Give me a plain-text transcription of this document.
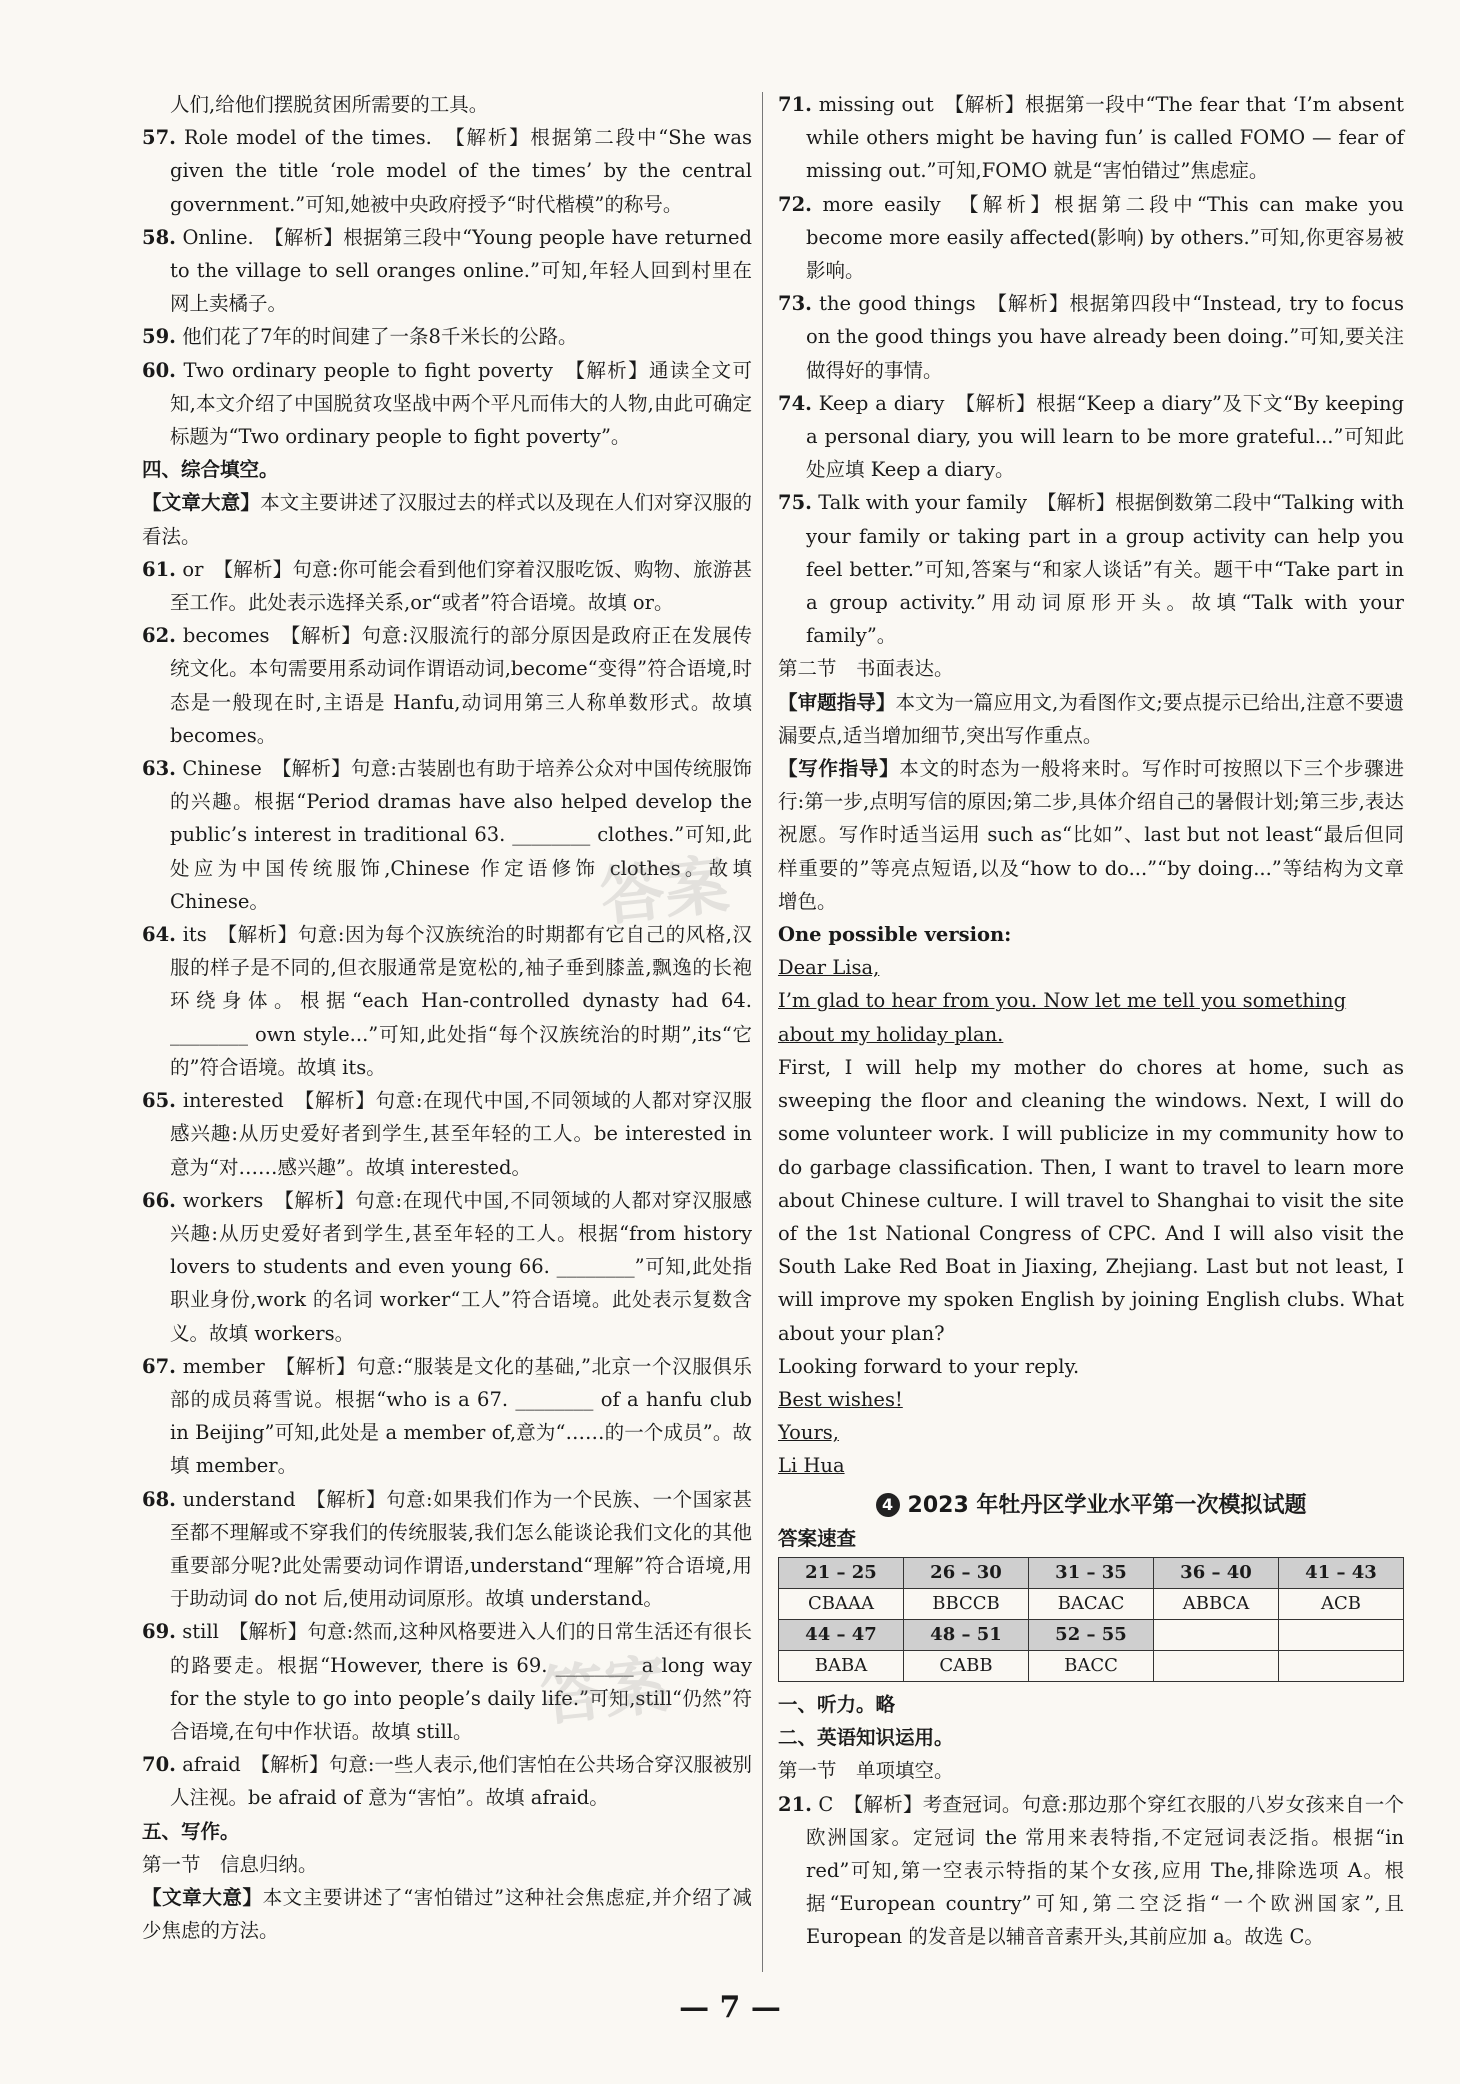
人们,给他们摆脱贫困所需要的工具。

57. Role model of the times.　【解析】根据第二段中“She was given the title ‘role model of the times’ by the central government.”可知,她被中央政府授予“时代楷模”的称号。

58. Online.　【解析】根据第三段中“Young people have returned to the village to sell oranges online.”可知,年轻人回到村里在网上卖橘子。

59. 他们花了7年的时间建了一条8千米长的公路。

60. Two ordinary people to fight poverty　【解析】通读全文可知,本文介绍了中国脱贫攻坚战中两个平凡而伟大的人物,由此可确定标题为“Two ordinary people to fight poverty”。

四、综合填空。

【文章大意】本文主要讲述了汉服过去的样式以及现在人们对穿汉服的看法。

61. or　【解析】句意:你可能会看到他们穿着汉服吃饭、购物、旅游甚至工作。此处表示选择关系,or“或者”符合语境。故填 or。

62. becomes　【解析】句意:汉服流行的部分原因是政府正在发展传统文化。本句需要用系动词作谓语动词,become“变得”符合语境,时态是一般现在时,主语是 Hanfu,动词用第三人称单数形式。故填 becomes。

63. Chinese　【解析】句意:古装剧也有助于培养公众对中国传统服饰的兴趣。根据“Period dramas have also helped develop the public’s interest in traditional 63. ________ clothes.”可知,此处应为中国传统服饰,Chinese 作定语修饰 clothes。故填 Chinese。

64. its　【解析】句意:因为每个汉族统治的时期都有它自己的风格,汉服的样子是不同的,但衣服通常是宽松的,袖子垂到膝盖,飘逸的长袍环绕身体。根据“each Han-controlled dynasty had 64. ________ own style...”可知,此处指“每个汉族统治的时期”,its“它的”符合语境。故填 its。

65. interested　【解析】句意:在现代中国,不同领域的人都对穿汉服感兴趣:从历史爱好者到学生,甚至年轻的工人。be interested in 意为“对……感兴趣”。故填 interested。

66. workers　【解析】句意:在现代中国,不同领域的人都对穿汉服感兴趣:从历史爱好者到学生,甚至年轻的工人。根据“from history lovers to students and even young 66. ________”可知,此处指职业身份,work 的名词 worker“工人”符合语境。此处表示复数含义。故填 workers。

67. member　【解析】句意:“服装是文化的基础,”北京一个汉服俱乐部的成员蒋雪说。根据“who is a 67. ________ of a hanfu club in Beijing”可知,此处是 a member of,意为“……的一个成员”。故填 member。

68. understand　【解析】句意:如果我们作为一个民族、一个国家甚至都不理解或不穿我们的传统服装,我们怎么能谈论我们文化的其他重要部分呢?此处需要动词作谓语,understand“理解”符合语境,用于助动词 do not 后,使用动词原形。故填 understand。

69. still　【解析】句意:然而,这种风格要进入人们的日常生活还有很长的路要走。根据“However, there is 69. ________ a long way for the style to go into people’s daily life.”可知,still“仍然”符合语境,在句中作状语。故填 still。

70. afraid　【解析】句意:一些人表示,他们害怕在公共场合穿汉服被别人注视。be afraid of 意为“害怕”。故填 afraid。

五、写作。

第一节　信息归纳。

【文章大意】本文主要讲述了“害怕错过”这种社会焦虑症,并介绍了减少焦虑的方法。

71. missing out　【解析】根据第一段中“The fear that ‘I’m absent while others might be having fun’ is called FOMO — fear of missing out.”可知,FOMO 就是“害怕错过”焦虑症。

72. more easily　【解析】根据第二段中“This can make you become more easily affected(影响) by others.”可知,你更容易被影响。

73. the good things　【解析】根据第四段中“Instead, try to focus on the good things you have already been doing.”可知,要关注做得好的事情。

74. Keep a diary　【解析】根据“Keep a diary”及下文“By keeping a personal diary, you will learn to be more grateful...”可知此处应填 Keep a diary。

75. Talk with your family　【解析】根据倒数第二段中“Talking with your family or taking part in a group activity can help you feel better.”可知,答案与“和家人谈话”有关。题干中“Take part in a group activity.”用动词原形开头。故填“Talk with your family”。

第二节　书面表达。

【审题指导】本文为一篇应用文,为看图作文;要点提示已给出,注意不要遗漏要点,适当增加细节,突出写作重点。

【写作指导】本文的时态为一般将来时。写作时可按照以下三个步骤进行:第一步,点明写信的原因;第二步,具体介绍自己的暑假计划;第三步,表达祝愿。写作时适当运用 such as“比如”、last but not least“最后但同样重要的”等亮点短语,以及“how to do...”“by doing...”等结构为文章增色。

One possible version:

Dear Lisa,

I’m glad to hear from you. Now let me tell you something about my holiday plan.

First, I will help my mother do chores at home, such as sweeping the floor and cleaning the windows. Next, I will do some volunteer work. I will publicize in my community how to do garbage classification. Then, I want to travel to learn more about Chinese culture. I will travel to Shanghai to visit the site of the 1st National Congress of CPC. And I will also visit the South Lake Red Boat in Jiaxing, Zhejiang. Last but not least, I will improve my spoken English by joining English clubs. What about your plan?

Looking forward to your reply.

Best wishes!

Yours,

Li Hua

4 2023 年牡丹区学业水平第一次模拟试题

答案速查

21 – 25	26 – 30	31 – 35	36 – 40	41 – 43
CBAAA	BBCCB	BACAC	ABBCA	ACB
44 – 47	48 – 51	52 – 55		
BABA	CABB	BACC		

一、听力。略

二、英语知识运用。

第一节　单项填空。

21. C　【解析】考查冠词。句意:那边那个穿红衣服的八岁女孩来自一个欧洲国家。定冠词 the 常用来表特指,不定冠词表泛指。根据“in red”可知,第一空表示特指的某个女孩,应用 The,排除选项 A。根据“European country”可知,第二空泛指“一个欧洲国家”,且 European 的发音是以辅音音素开头,其前应加 a。故选 C。

答案
答案
— 7 —
